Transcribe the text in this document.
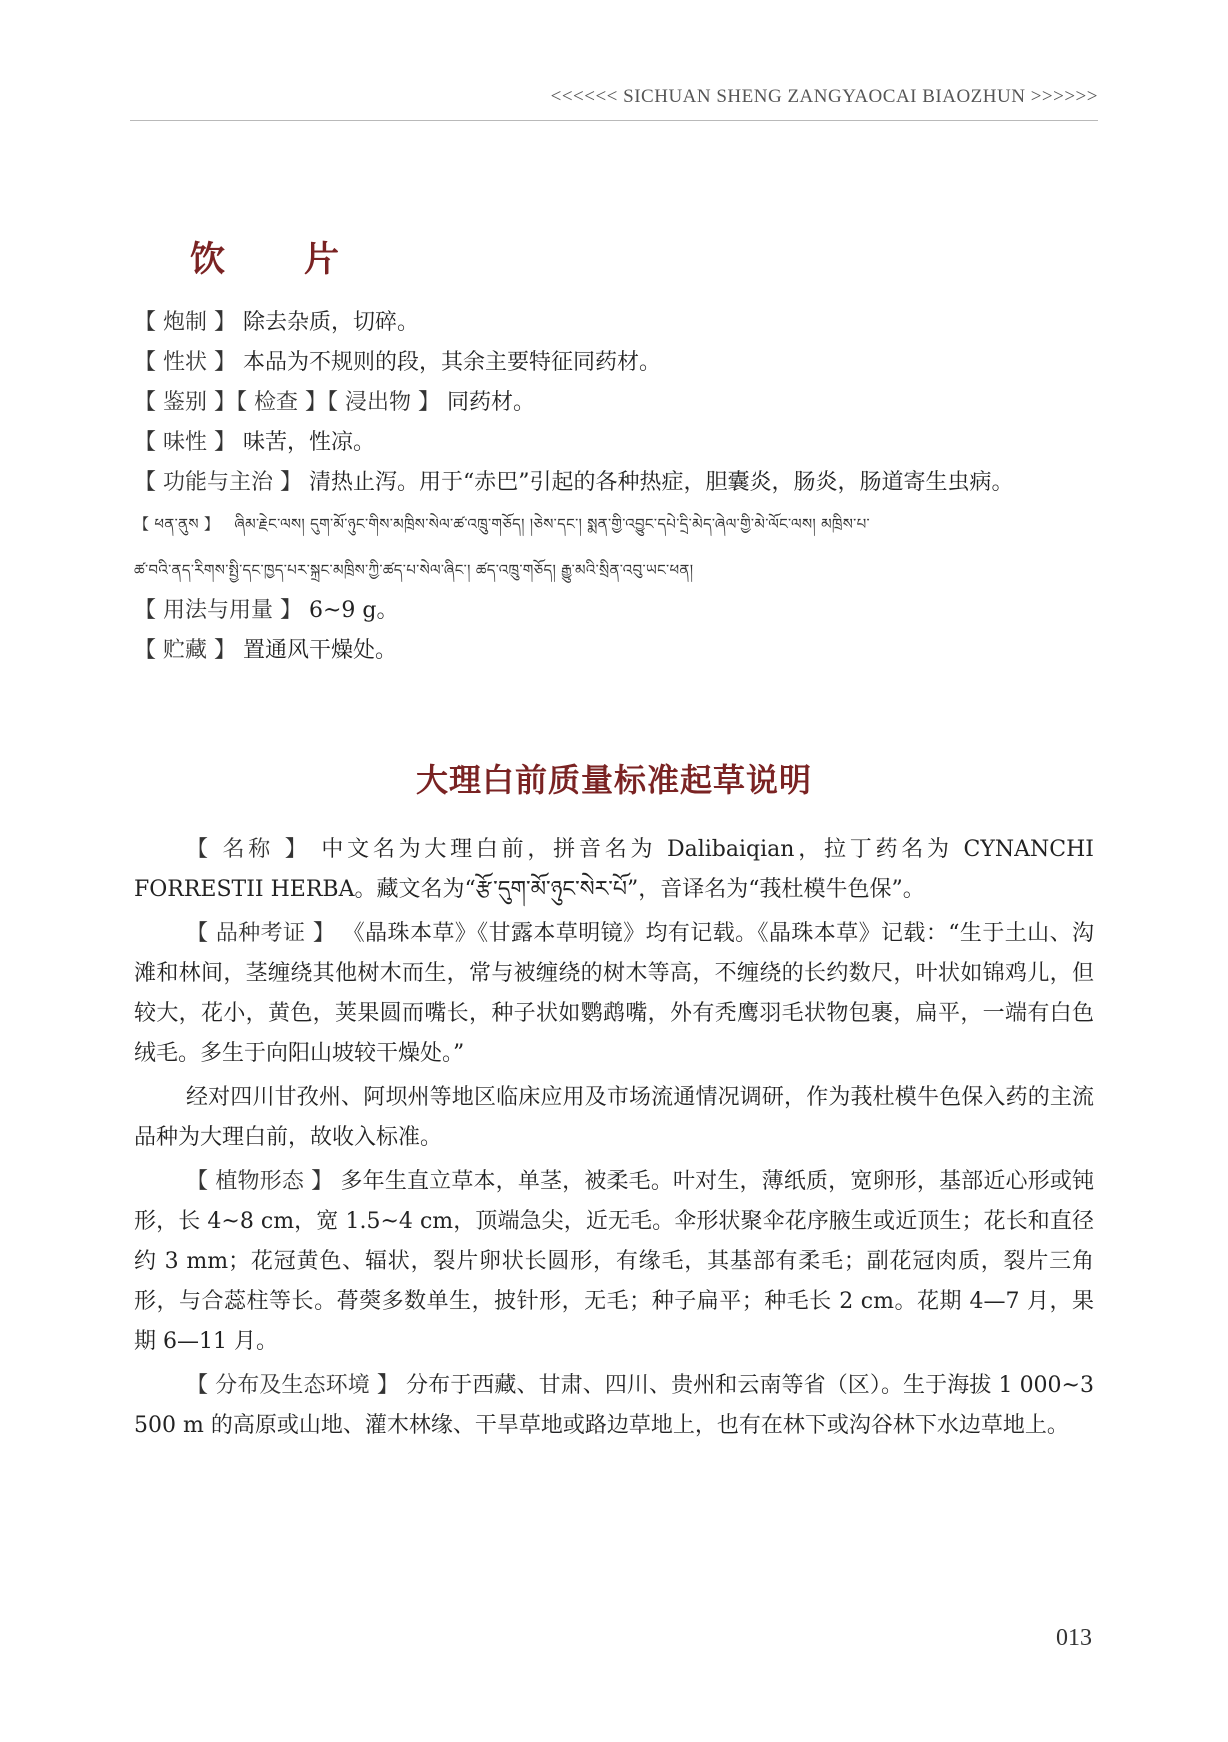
<<<<<< SICHUAN SHENG ZANGYAOCAI BIAOZHUN >>>>>>
饮　片

【 炮制 】 除去杂质，切碎。

【 性状 】 本品为不规则的段，其余主要特征同药材。

【 鉴别 】【 检查 】【 浸出物 】 同药材。

【 味性 】 味苦，性凉。

【 功能与主治 】 清热止泻。用于“赤巴”引起的各种热症，胆囊炎，肠炎，肠道寄生虫病。

【 ཕན་ནུས 】 ཞིམ་རྗེང་ལས། དུག་མོ་ཉུང་གིས་མཁྲིས་སེལ་ཚ་འཁྲུ་གཅོད། །ཅེས་དང་། སྨན་གྱི་འབྱུང་དཔེ་དྲི་མེད་ཞེལ་གྱི་མེ་ལོང་ལས། མཁྲིས་པ་
ཚ་བའི་ནད་རིགས་སྤྱི་དང་ཁྱད་པར་སྐྲང་མཁྲིས་ཀྱི་ཚད་པ་སེལ་ཞིང་། ཚད་འཁྲུ་གཅོད། རྒྱུ་མའི་སྲིན་འབུ་ཡང་ཕན།

【 用法与用量 】 6~9 g。

【 贮藏 】 置通风干燥处。

大理白前质量标准起草说明

【 名称 】 中文名为大理白前，拼音名为 Dalibaiqian，拉丁药名为 CYNANCHI FORRESTII HERBA。藏文名为“རྩོ་དུག་མོ་ཉུང་སེར་པོ”，音译名为“莪杜模牛色保”。

【 品种考证 】 《晶珠本草》《甘露本草明镜》均有记载。《晶珠本草》记载：“生于土山、沟滩和林间，茎缠绕其他树木而生，常与被缠绕的树木等高，不缠绕的长约数尺，叶状如锦鸡儿，但较大，花小，黄色，荚果圆而嘴长，种子状如鹦鹉嘴，外有秃鹰羽毛状物包裹，扁平，一端有白色绒毛。多生于向阳山坡较干燥处。”

经对四川甘孜州、阿坝州等地区临床应用及市场流通情况调研，作为莪杜模牛色保入药的主流品种为大理白前，故收入标准。

【 植物形态 】 多年生直立草本，单茎，被柔毛。叶对生，薄纸质，宽卵形，基部近心形或钝形，长 4~8 cm，宽 1.5~4 cm，顶端急尖，近无毛。伞形状聚伞花序腋生或近顶生；花长和直径约 3 mm；花冠黄色、辐状，裂片卵状长圆形，有缘毛，其基部有柔毛；副花冠肉质，裂片三角形，与合蕊柱等长。蓇葖多数单生，披针形，无毛；种子扁平；种毛长 2 cm。花期 4—7 月，果期 6—11 月。

【 分布及生态环境 】 分布于西藏、甘肃、四川、贵州和云南等省（区）。生于海拔 1 000~3 500 m 的高原或山地、灌木林缘、干旱草地或路边草地上，也有在林下或沟谷林下水边草地上。

013
